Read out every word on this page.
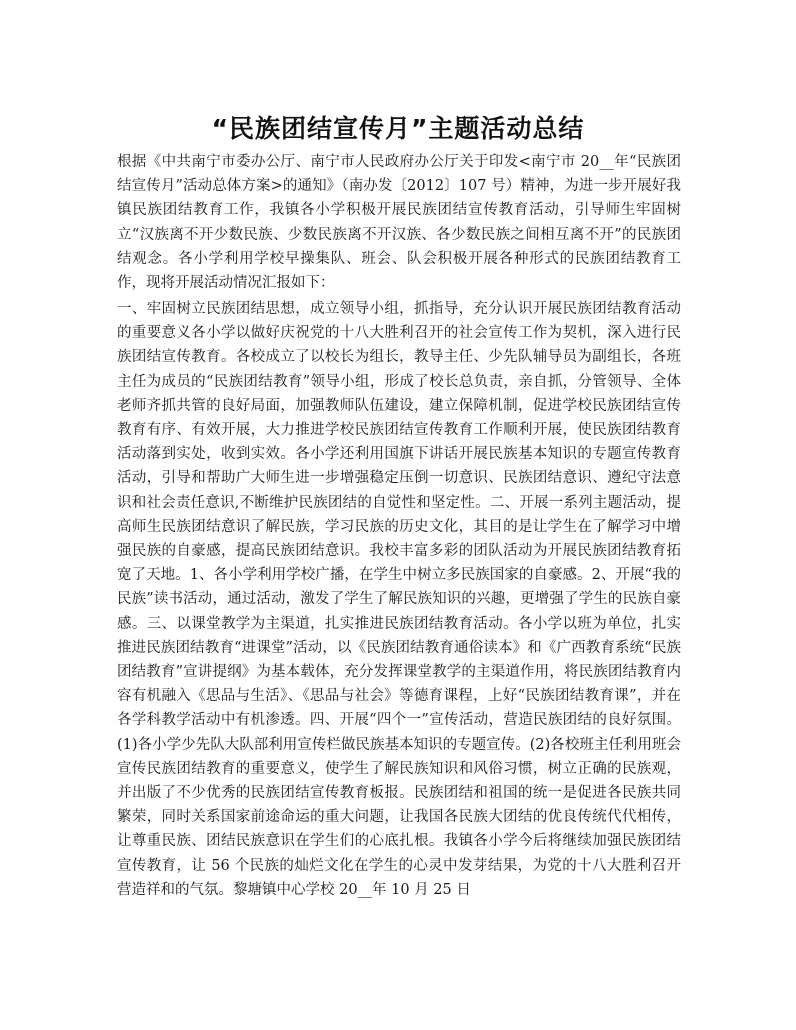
“民族团结宣传月”主题活动总结

根据《中共南宁市委办公厅、南宁市人民政府办公厅关于印发<南宁市 20__年“民族团结宣传月”活动总体方案>的通知》（南办发〔2012〕107 号）精神，为进一步开展好我镇民族团结教育工作，我镇各小学积极开展民族团结宣传教育活动，引导师生牢固树立“汉族离不开少数民族、少数民族离不开汉族、各少数民族之间相互离不开”的民族团结观念。各小学利用学校早操集队、班会、队会积极开展各种形式的民族团结教育工作，现将开展活动情况汇报如下：

一、牢固树立民族团结思想，成立领导小组，抓指导，充分认识开展民族团结教育活动的重要意义各小学以做好庆祝党的十八大胜利召开的社会宣传工作为契机，深入进行民族团结宣传教育。各校成立了以校长为组长，教导主任、少先队辅导员为副组长，各班主任为成员的“民族团结教育”领导小组，形成了校长总负责，亲自抓，分管领导、全体老师齐抓共管的良好局面，加强教师队伍建设，建立保障机制，促进学校民族团结宣传教育有序、有效开展，大力推进学校民族团结宣传教育工作顺利开展，使民族团结教育活动落到实处，收到实效。各小学还利用国旗下讲话开展民族基本知识的专题宣传教育活动，引导和帮助广大师生进一步增强稳定压倒一切意识、民族团结意识、遵纪守法意识和社会责任意识,不断维护民族团结的自觉性和坚定性。二、开展一系列主题活动，提高师生民族团结意识了解民族，学习民族的历史文化，其目的是让学生在了解学习中增强民族的自豪感，提高民族团结意识。我校丰富多彩的团队活动为开展民族团结教育拓宽了天地。1、各小学利用学校广播，在学生中树立多民族国家的自豪感。2、开展“我的民族”读书活动，通过活动，激发了学生了解民族知识的兴趣，更增强了学生的民族自豪感。三、以课堂教学为主渠道，扎实推进民族团结教育活动。各小学以班为单位，扎实推进民族团结教育“进课堂”活动，以《民族团结教育通俗读本》和《广西教育系统“民族团结教育”宣讲提纲》为基本载体，充分发挥课堂教学的主渠道作用，将民族团结教育内容有机融入《思品与生活》、《思品与社会》等德育课程，上好“民族团结教育课”，并在各学科教学活动中有机渗透。四、开展“四个一”宣传活动，营造民族团结的良好氛围。(1)各小学少先队大队部利用宣传栏做民族基本知识的专题宣传。(2)各校班主任利用班会宣传民族团结教育的重要意义，使学生了解民族知识和风俗习惯，树立正确的民族观，并出版了不少优秀的民族团结宣传教育板报。民族团结和祖国的统一是促进各民族共同繁荣，同时关系国家前途命运的重大问题，让我国各民族大团结的优良传统代代相传，让尊重民族、团结民族意识在学生们的心底扎根。我镇各小学今后将继续加强民族团结宣传教育，让 56 个民族的灿烂文化在学生的心灵中发芽结果，为党的十八大胜利召开营造祥和的气氛。黎塘镇中心学校 20__年 10 月 25 日
